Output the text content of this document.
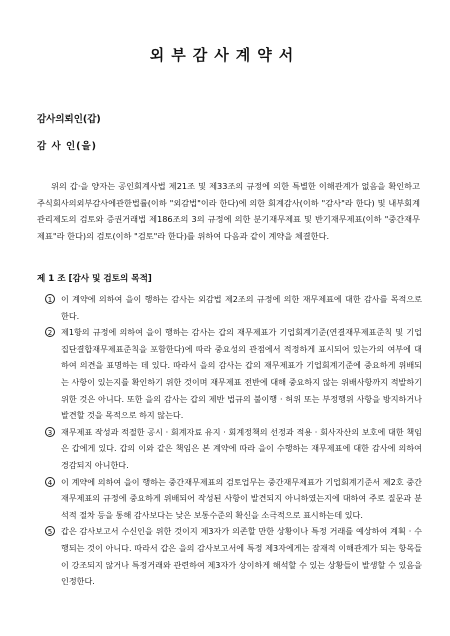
외부감사계약서
감사의뢰인(갑)
감 사 인(을)
위의 갑·을 양자는 공인회계사법 제21조 및 제33조의 규정에 의한 특별한 이해관계가 없음을 확인하고 주식회사의외부감사에관한법률(이하 "외감법"이라 한다)에 의한 회계감사(이하 "감사"라 한다) 및 내부회계관리제도의 검토와 증권거래법 제186조의 3의 규정에 의한 분기재무제표 및 반기재무제표(이하 "중간재무제표"라 한다)의 검토(이하 "검토"라 한다)를 위하여 다음과 같이 계약을 체결한다.
제 1 조 [감사 및 검토의 목적]

1	이 계약에 의하여 을이 행하는 감사는 외감법 제2조의 규정에 의한 재무제표에 대한 감사를 목적으로 한다.

2	제1항의 규정에 의하여 을이 행하는 감사는 갑의 재무제표가 기업회계기준(연결재무제표준칙 및 기업집단결합재무제표준칙을 포함한다)에 따라 중요성의 관점에서 적정하게 표시되어 있는가의 여부에 대하여 의견을 표명하는 데 있다. 따라서 을의 감사는 갑의 재무제표가 기업회계기준에 중요하게 위배되는 사항이 있는지를 확인하기 위한 것이며 재무제표 전반에 대해 중요하지 않는 위배사항까지 적발하기 위한 것은 아니다. 또한 을의 감사는 갑의 제반 법규의 불이행 · 허위 또는 부정행위 사항을 방지하거나 발견할 것을 목적으로 하지 않는다.

3	재무제표 작성과 적절한 공시 · 회계자료 유지 · 회계정책의 선정과 적용 · 회사자산의 보호에 대한 책임은 갑에게 있다. 갑의 이와 같은 책임은 본 계약에 따라 을이 수행하는 재무제표에 대한 감사에 의하여 경감되지 아니한다.

4	이 계약에 의하여 을이 행하는 중간재무제표의 검토업무는 중간재무제표가 기업회계기준서 제2호 중간재무제표의 규정에 중요하게 위배되어 작성된 사항이 발견되지 아니하였는지에 대하여 주로 질문과 분석적 절차 등을 통해 감사보다는 낮은 보통수준의 확신을 소극적으로 표시하는데 있다.

5	갑은 감사보고서 수신인을 위한 것이지 제3자가 의존할 만한 상황이나 특정 거래를 예상하여 계획 · 수행되는 것이 아니다. 따라서 갑은 을의 감사보고서에 특정 제3자에게는 잠재적 이해관계가 되는 항목들이 강조되지 않거나 특정거래와 관련하여 제3자가 상이하게 해석할 수 있는 상황들이 발생할 수 있음을 인정한다.
